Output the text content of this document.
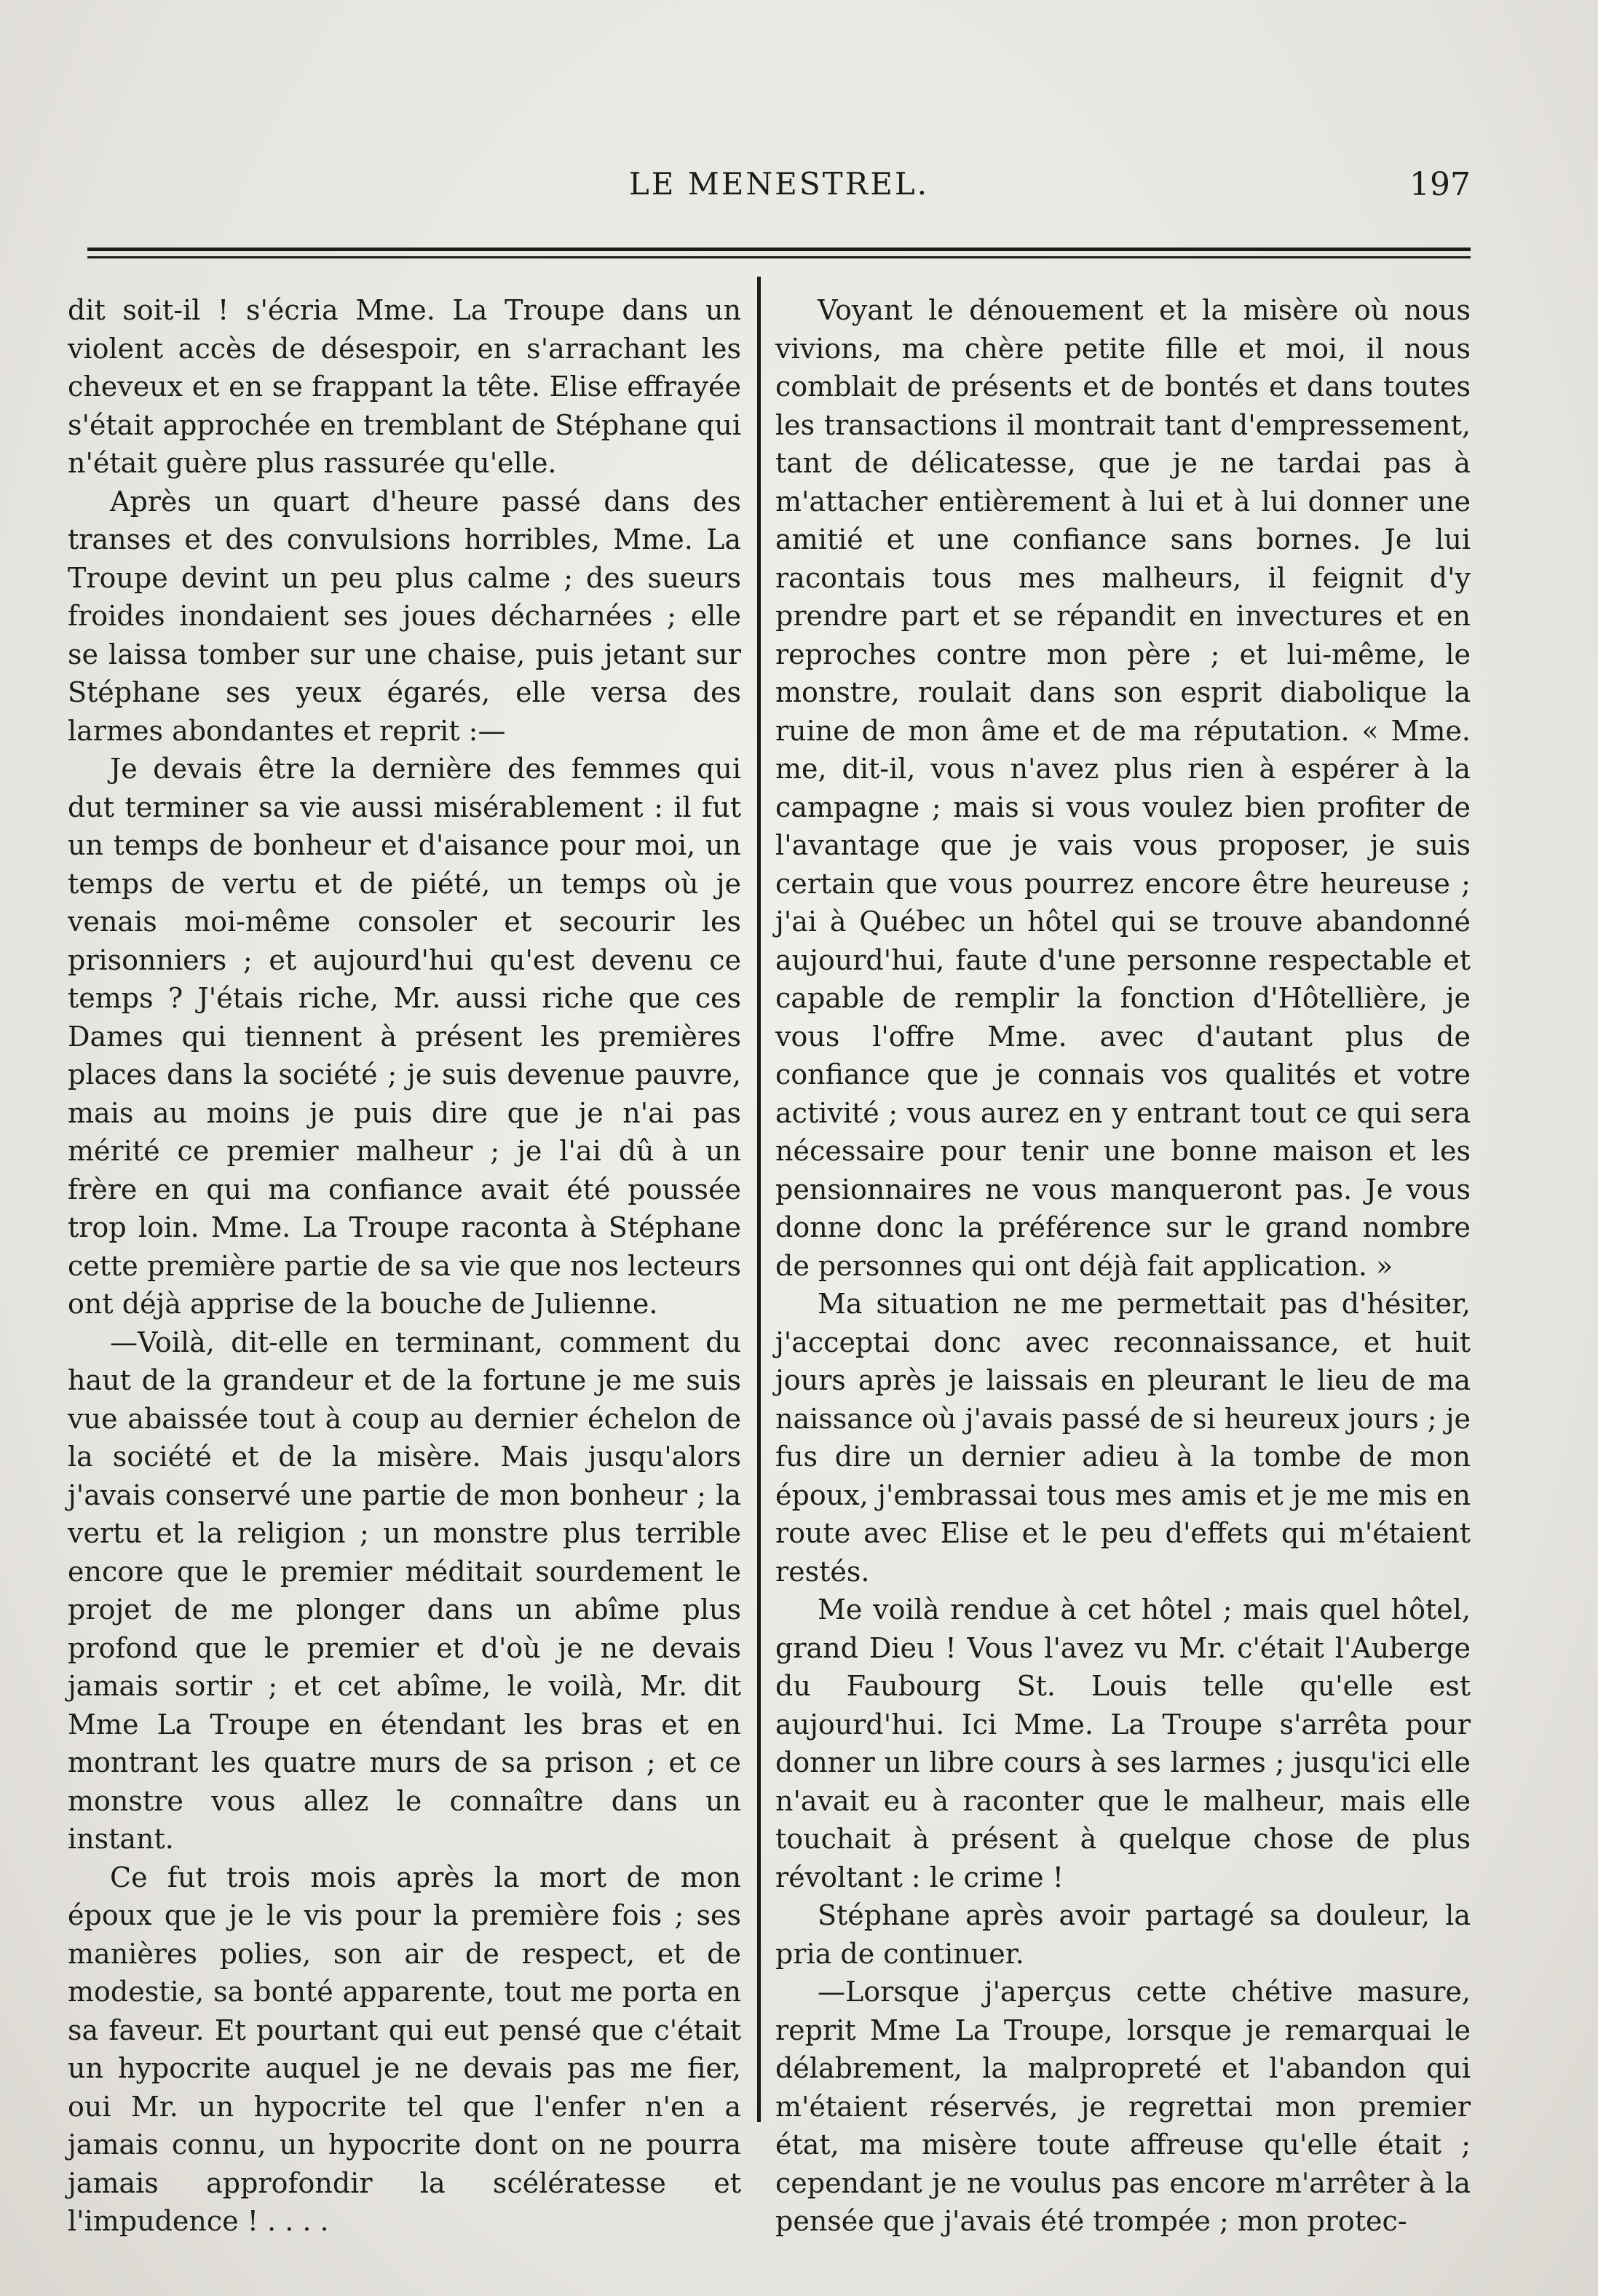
LE MENESTREL.	197

dit soit-il ! s'écria Mme. La Troupe dans un violent accès de désespoir, en s'arrachant les cheveux et en se frappant la tête. Elise effrayée s'était approchée en tremblant de Stéphane qui n'était guère plus rassurée qu'elle.

Après un quart d'heure passé dans des transes et des convulsions horribles, Mme. La Troupe devint un peu plus calme ; des sueurs froides inondaient ses joues décharnées ; elle se laissa tomber sur une chaise, puis jetant sur Stéphane ses yeux égarés, elle versa des larmes abondantes et reprit :—

Je devais être la dernière des femmes qui dut terminer sa vie aussi misérablement : il fut un temps de bonheur et d'aisance pour moi, un temps de vertu et de piété, un temps où je venais moi-même consoler et secourir les prisonniers ; et aujourd'hui qu'est devenu ce temps ? J'étais riche, Mr. aussi riche que ces Dames qui tiennent à présent les premières places dans la société ; je suis devenue pauvre, mais au moins je puis dire que je n'ai pas mérité ce premier malheur ; je l'ai dû à un frère en qui ma confiance avait été poussée trop loin. Mme. La Troupe raconta à Stéphane cette première partie de sa vie que nos lecteurs ont déjà apprise de la bouche de Julienne.

—Voilà, dit-elle en terminant, comment du haut de la grandeur et de la fortune je me suis vue abaissée tout à coup au dernier échelon de la société et de la misère. Mais jusqu'alors j'avais conservé une partie de mon bonheur ; la vertu et la religion ; un monstre plus terrible encore que le premier méditait sourdement le projet de me plonger dans un abîme plus profond que le premier et d'où je ne devais jamais sortir ; et cet abîme, le voilà, Mr. dit Mme La Troupe en étendant les bras et en montrant les quatre murs de sa prison ; et ce monstre vous allez le connaître dans un instant.

Ce fut trois mois après la mort de mon époux que je le vis pour la première fois ; ses manières polies, son air de respect, et de modestie, sa bonté apparente, tout me porta en sa faveur. Et pourtant qui eut pensé que c'était un hypocrite auquel je ne devais pas me fier, oui Mr. un hypocrite tel que l'enfer n'en a jamais connu, un hypocrite dont on ne pourra jamais approfondir la scélératesse et l'impudence ! . . . .

Voyant le dénouement et la misère où nous vivions, ma chère petite fille et moi, il nous comblait de présents et de bontés et dans toutes les transactions il montrait tant d'empressement, tant de délicatesse, que je ne tardai pas à m'attacher entièrement à lui et à lui donner une amitié et une confiance sans bornes. Je lui racontais tous mes malheurs, il feignit d'y prendre part et se répandit en invectures et en reproches contre mon père ; et lui-même, le monstre, roulait dans son esprit diabolique la ruine de mon âme et de ma réputation. « Mme. me, dit-il, vous n'avez plus rien à espérer à la campagne ; mais si vous voulez bien profiter de l'avantage que je vais vous proposer, je suis certain que vous pourrez encore être heureuse ; j'ai à Québec un hôtel qui se trouve abandonné aujourd'hui, faute d'une personne respectable et capable de remplir la fonction d'Hôtellière, je vous l'offre Mme. avec d'autant plus de confiance que je connais vos qualités et votre activité ; vous aurez en y entrant tout ce qui sera nécessaire pour tenir une bonne maison et les pensionnaires ne vous manqueront pas. Je vous donne donc la préférence sur le grand nombre de personnes qui ont déjà fait application. »

Ma situation ne me permettait pas d'hésiter, j'acceptai donc avec reconnaissance, et huit jours après je laissais en pleurant le lieu de ma naissance où j'avais passé de si heureux jours ; je fus dire un dernier adieu à la tombe de mon époux, j'embrassai tous mes amis et je me mis en route avec Elise et le peu d'effets qui m'étaient restés.

Me voilà rendue à cet hôtel ; mais quel hôtel, grand Dieu ! Vous l'avez vu Mr. c'était l'Auberge du Faubourg St. Louis telle qu'elle est aujourd'hui. Ici Mme. La Troupe s'arrêta pour donner un libre cours à ses larmes ; jusqu'ici elle n'avait eu à raconter que le malheur, mais elle touchait à présent à quelque chose de plus révoltant : le crime !

Stéphane après avoir partagé sa douleur, la pria de continuer.

—Lorsque j'aperçus cette chétive masure, reprit Mme La Troupe, lorsque je remarquai le délabrement, la malpropreté et l'abandon qui m'étaient réservés, je regrettai mon premier état, ma misère toute affreuse qu'elle était ; cependant je ne voulus pas encore m'arrêter à la pensée que j'avais été trompée ; mon protec-
